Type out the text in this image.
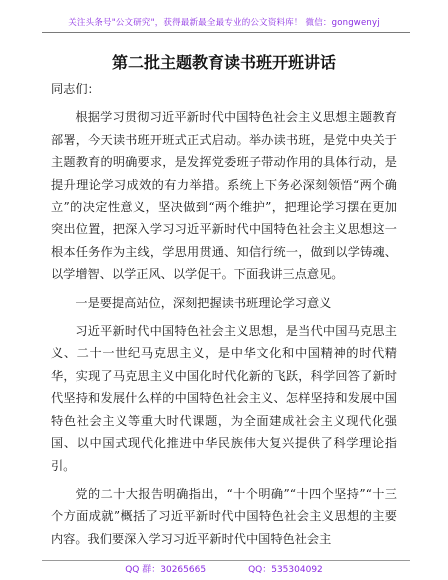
关注头条号"公文研究"，获得最新最全最专业的公文资料库！ 微信：gongwenyj
第二批主题教育读书班开班讲话

同志们：

根据学习贯彻习近平新时代中国特色社会主义思想主题教育部署，今天读书班开班式正式启动。举办读书班，是党中央关于主题教育的明确要求，是发挥党委班子带动作用的具体行动，是提升理论学习成效的有力举措。系统上下务必深刻领悟“两个确立”的决定性意义，坚决做到“两个维护”，把理论学习摆在更加突出位置，把深入学习习近平新时代中国特色社会主义思想这一根本任务作为主线，学思用贯通、知信行统一，做到以学铸魂、以学增智、以学正风、以学促干。下面我讲三点意见。

一是要提高站位，深刻把握读书班理论学习意义

习近平新时代中国特色社会主义思想，是当代中国马克思主义、二十一世纪马克思主义，是中华文化和中国精神的时代精华，实现了马克思主义中国化时代化新的飞跃，科学回答了新时代坚持和发展什么样的中国特色社会主义、怎样坚持和发展中国特色社会主义等重大时代课题，为全面建成社会主义现代化强国、以中国式现代化推进中华民族伟大复兴提供了科学理论指引。

党的二十大报告明确指出，“十个明确”“十四个坚持”“十三个方面成就”概括了习近平新时代中国特色社会主义思想的主要内容。我们要深入学习习近平新时代中国特色社会主

QQ 群：30265665	QQ：535304092
